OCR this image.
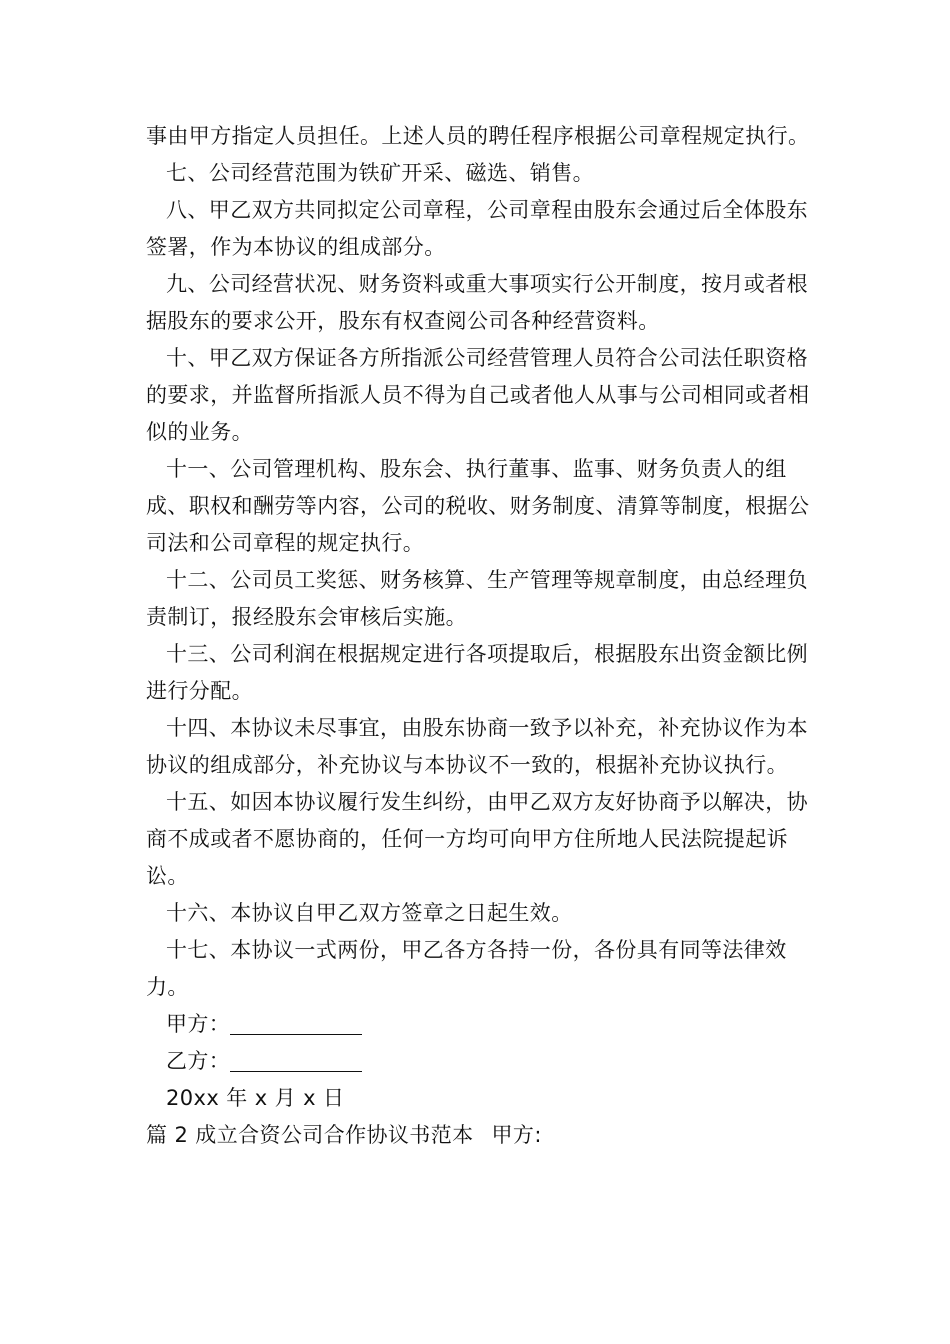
事由甲方指定人员担任。上述人员的聘任程序根据公司章程规定执行。

七、公司经营范围为铁矿开采、磁选、销售。

八、甲乙双方共同拟定公司章程，公司章程由股东会通过后全体股东签署，作为本协议的组成部分。

九、公司经营状况、财务资料或重大事项实行公开制度，按月或者根据股东的要求公开，股东有权查阅公司各种经营资料。

十、甲乙双方保证各方所指派公司经营管理人员符合公司法任职资格的要求，并监督所指派人员不得为自己或者他人从事与公司相同或者相似的业务。

十一、公司管理机构、股东会、执行董事、监事、财务负责人的组成、职权和酬劳等内容，公司的税收、财务制度、清算等制度，根据公司法和公司章程的规定执行。

十二、公司员工奖惩、财务核算、生产管理等规章制度，由总经理负责制订，报经股东会审核后实施。

十三、公司利润在根据规定进行各项提取后，根据股东出资金额比例进行分配。

十四、本协议未尽事宜，由股东协商一致予以补充，补充协议作为本协议的组成部分，补充协议与本协议不一致的，根据补充协议执行。

十五、如因本协议履行发生纠纷，由甲乙双方友好协商予以解决，协商不成或者不愿协商的，任何一方均可向甲方住所地人民法院提起诉讼。

十六、本协议自甲乙双方签章之日起生效。

十七、本协议一式两份，甲乙各方各持一份，各份具有同等法律效力。

甲方：

乙方：

20xx 年 x 月 x 日

篇 2 成立合资公司合作协议书范本 甲方:
